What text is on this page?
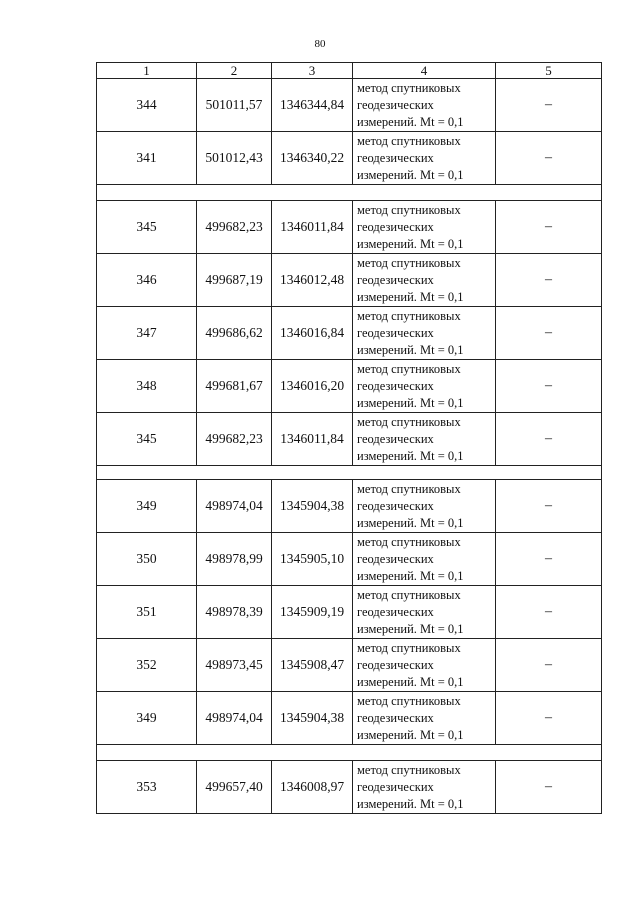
80
1	2	3	4	5
344	501011,57	1346344,84	метод спутниковых
геодезических
измерений. Mt = 0,1	–
341	501012,43	1346340,22	метод спутниковых
геодезических
измерений. Mt = 0,1	–

345	499682,23	1346011,84	метод спутниковых
геодезических
измерений. Mt = 0,1	–
346	499687,19	1346012,48	метод спутниковых
геодезических
измерений. Mt = 0,1	–
347	499686,62	1346016,84	метод спутниковых
геодезических
измерений. Mt = 0,1	–
348	499681,67	1346016,20	метод спутниковых
геодезических
измерений. Mt = 0,1	–
345	499682,23	1346011,84	метод спутниковых
геодезических
измерений. Mt = 0,1	–

349	498974,04	1345904,38	метод спутниковых
геодезических
измерений. Mt = 0,1	–
350	498978,99	1345905,10	метод спутниковых
геодезических
измерений. Mt = 0,1	–
351	498978,39	1345909,19	метод спутниковых
геодезических
измерений. Mt = 0,1	–
352	498973,45	1345908,47	метод спутниковых
геодезических
измерений. Mt = 0,1	–
349	498974,04	1345904,38	метод спутниковых
геодезических
измерений. Mt = 0,1	–

353	499657,40	1346008,97	метод спутниковых
геодезических
измерений. Mt = 0,1	–
